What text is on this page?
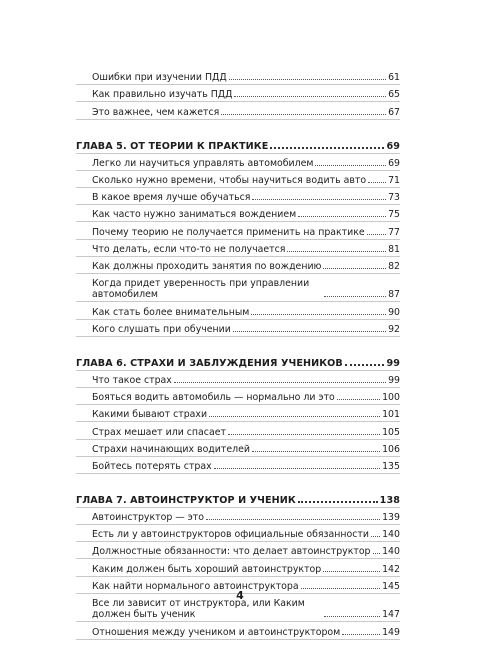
Ошибки при изучении ПДД	61
Как правильно изучать ПДД	65
Это важнее, чем кажется	67
ГЛАВА 5. ОТ ТЕОРИИ К ПРАКТИКЕ	69
Легко ли научиться управлять автомобилем	69
Сколько нужно времени, чтобы научиться водить авто 71
В какое время лучше обучаться	73
Как часто нужно заниматься вождением	75
Почему теорию не получается применить на практике 77
Что делать, если что-то не получается	81
Как должны проходить занятия по вождению	82
Когда придет уверенность при управлении автомобилем	87
Как стать более внимательным	90
Кого слушать при обучении	92
ГЛАВА 6. СТРАХИ И ЗАБЛУЖДЕНИЯ УЧЕНИКОВ	99
Что такое страх	99
Бояться водить автомобиль — нормально ли это	100
Какими бывают страхи	101
Страх мешает или спасает	105
Страхи начинающих водителей	106
Бойтесь потерять страх	135
ГЛАВА 7. АВТОИНСТРУКТОР И УЧЕНИК	138
Автоинструктор — это	139
Есть ли у автоинструкторов официальные обязанности 140
Должностные обязанности: что делает автоинструктор 140
Каким должен быть хороший автоинструктор	142
Как найти нормального автоинструктора	145
Все ли зависит от инструктора, или Каким должен быть ученик	147
Отношения между учеником и автоинструктором	149
4
